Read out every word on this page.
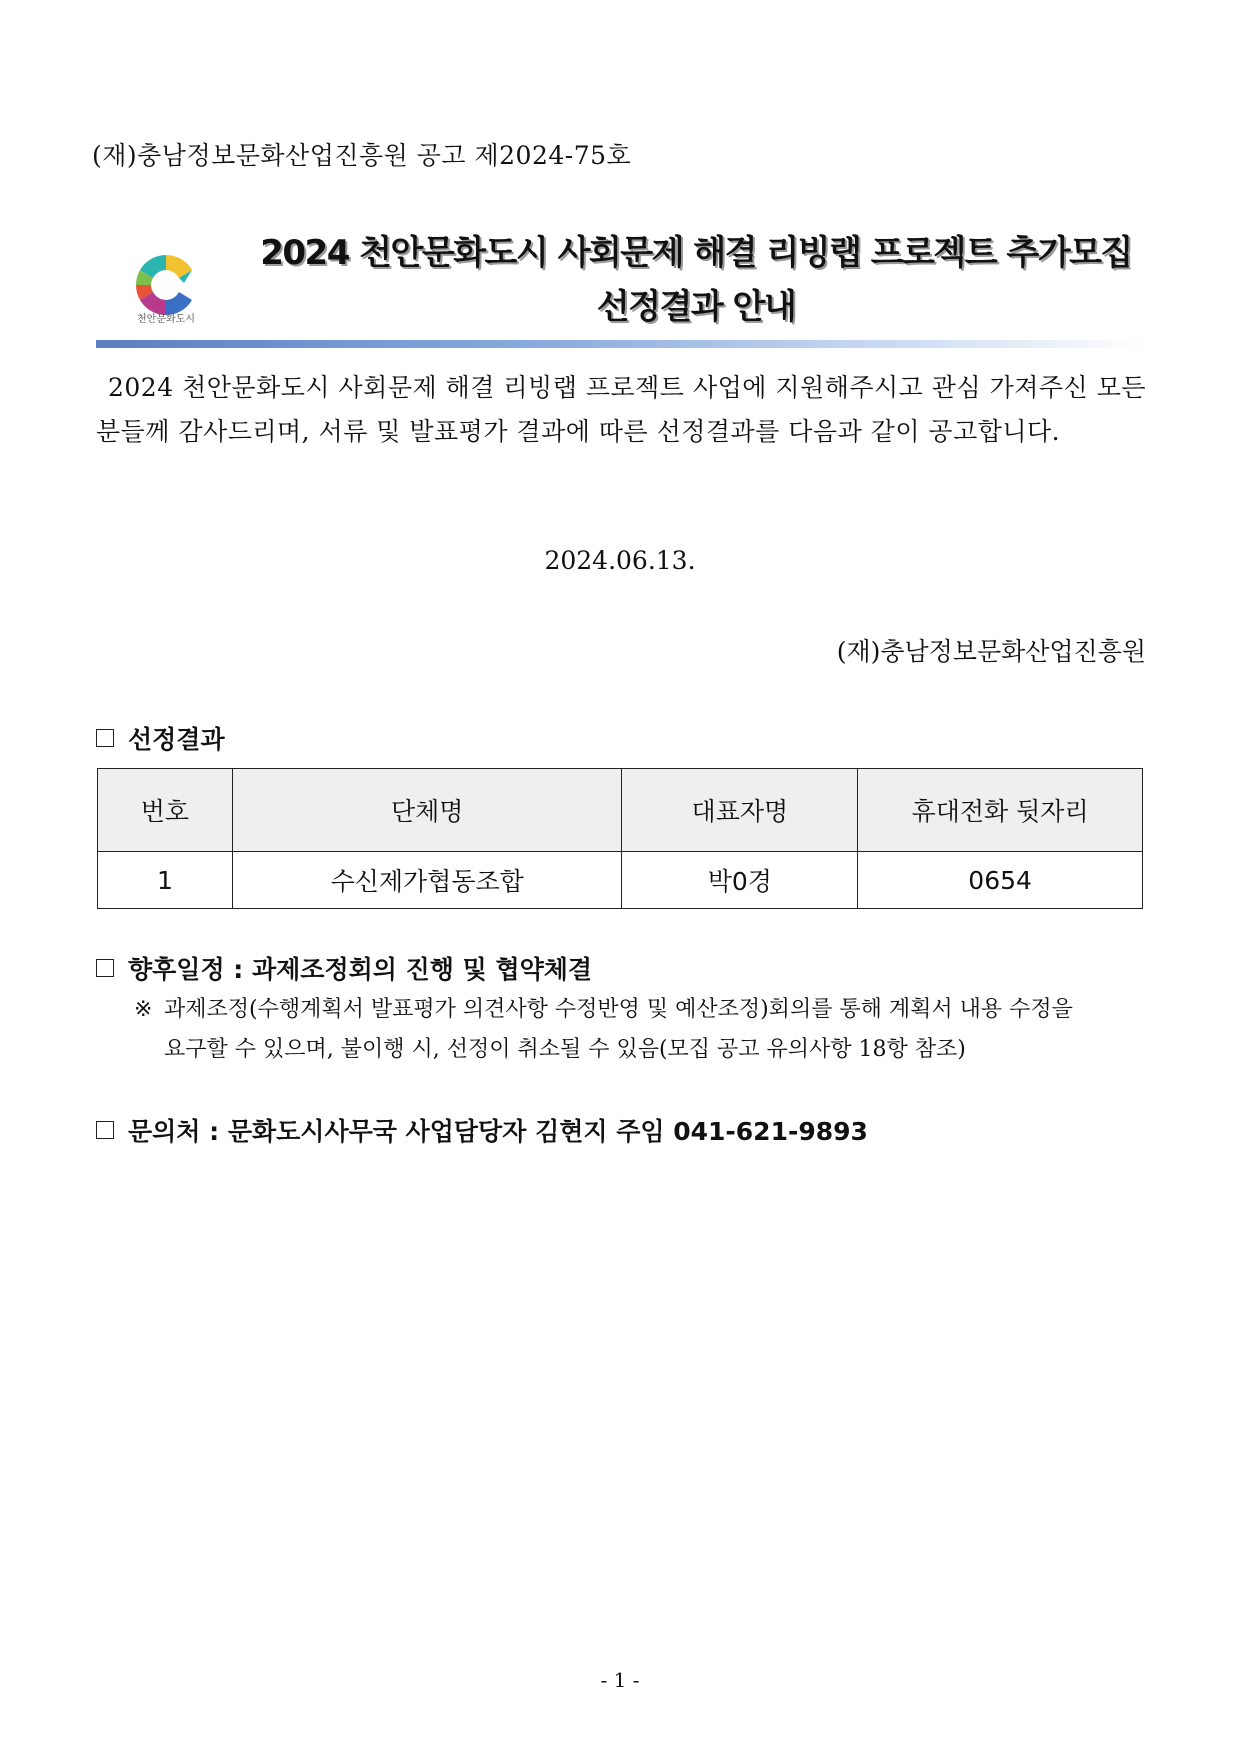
(재)충남정보문화산업진흥원 공고 제2024-75호
천안문화도시
2024 천안문화도시 사회문제 해결 리빙랩 프로젝트 추가모집
선정결과 안내
2024 천안문화도시 사회문제 해결 리빙랩 프로젝트 사업에 지원해주시고 관심 가져주신 모든 분들께 감사드리며, 서류 및 발표평가 결과에 따른 선정결과를 다음과 같이 공고합니다.
2024.06.13.
(재)충남정보문화산업진흥원
선정결과
번호	단체명	대표자명	휴대전화 뒷자리
1	수신제가협동조합	박0경	0654
향후일정 : 과제조정회의 진행 및 협약체결
※ 과제조정(수행계획서 발표평가 의견사항 수정반영 및 예산조정)회의를 통해 계획서 내용 수정을
요구할 수 있으며, 불이행 시, 선정이 취소될 수 있음(모집 공고 유의사항 18항 참조)
문의처 : 문화도시사무국 사업담당자 김현지 주임 041-621-9893
- 1 -
